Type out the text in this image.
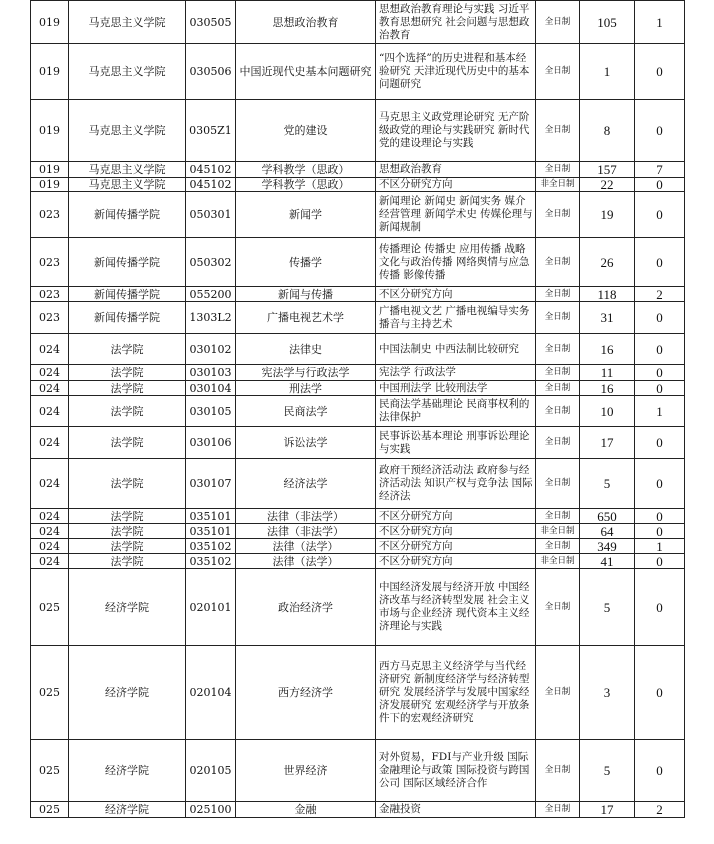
019	马克思主义学院	030505	思想政治教育	思想政治教育理论与实践 习近平教育思想研究 社会问题与思想政治教育	全日制	105	1
019	马克思主义学院	030506	中国近现代史基本问题研究	“四个选择”的历史进程和基本经验研究 天津近现代历史中的基本问题研究	全日制	1	0
019	马克思主义学院	0305Z1	党的建设	马克思主义政党理论研究 无产阶级政党的理论与实践研究 新时代党的建设理论与实践	全日制	8	0
019	马克思主义学院	045102	学科教学（思政）	思想政治教育	全日制	157	7
019	马克思主义学院	045102	学科教学（思政）	不区分研究方向	非全日制	22	0
023	新闻传播学院	050301	新闻学	新闻理论 新闻史 新闻实务 媒介经营管理 新闻学术史 传媒伦理与新闻规制	全日制	19	0
023	新闻传播学院	050302	传播学	传播理论 传播史 应用传播 战略文化与政治传播 网络舆情与应急传播 影像传播	全日制	26	0
023	新闻传播学院	055200	新闻与传播	不区分研究方向	全日制	118	2
023	新闻传播学院	1303L2	广播电视艺术学	广播电视文艺 广播电视编导实务 播音与主持艺术	全日制	31	0
024	法学院	030102	法律史	中国法制史 中西法制比较研究	全日制	16	0
024	法学院	030103	宪法学与行政法学	宪法学 行政法学	全日制	11	0
024	法学院	030104	刑法学	中国刑法学 比较刑法学	全日制	16	0
024	法学院	030105	民商法学	民商法学基础理论 民商事权利的法律保护	全日制	10	1
024	法学院	030106	诉讼法学	民事诉讼基本理论 刑事诉讼理论与实践	全日制	17	0
024	法学院	030107	经济法学	政府干预经济活动法 政府参与经济活动法 知识产权与竞争法 国际经济法	全日制	5	0
024	法学院	035101	法律（非法学）	不区分研究方向	全日制	650	0
024	法学院	035101	法律（非法学）	不区分研究方向	非全日制	64	0
024	法学院	035102	法律（法学）	不区分研究方向	全日制	349	1
024	法学院	035102	法律（法学）	不区分研究方向	非全日制	41	0
025	经济学院	020101	政治经济学	中国经济发展与经济开放 中国经济改革与经济转型发展 社会主义市场与企业经济 现代资本主义经济理论与实践	全日制	5	0
025	经济学院	020104	西方经济学	西方马克思主义经济学与当代经济研究 新制度经济学与经济转型研究 发展经济学与发展中国家经济发展研究 宏观经济学与开放条件下的宏观经济研究	全日制	3	0
025	经济学院	020105	世界经济	对外贸易，FDI与产业升级 国际金融理论与政策 国际投资与跨国公司 国际区域经济合作	全日制	5	0
025	经济学院	025100	金融	金融投资	全日制	17	2
